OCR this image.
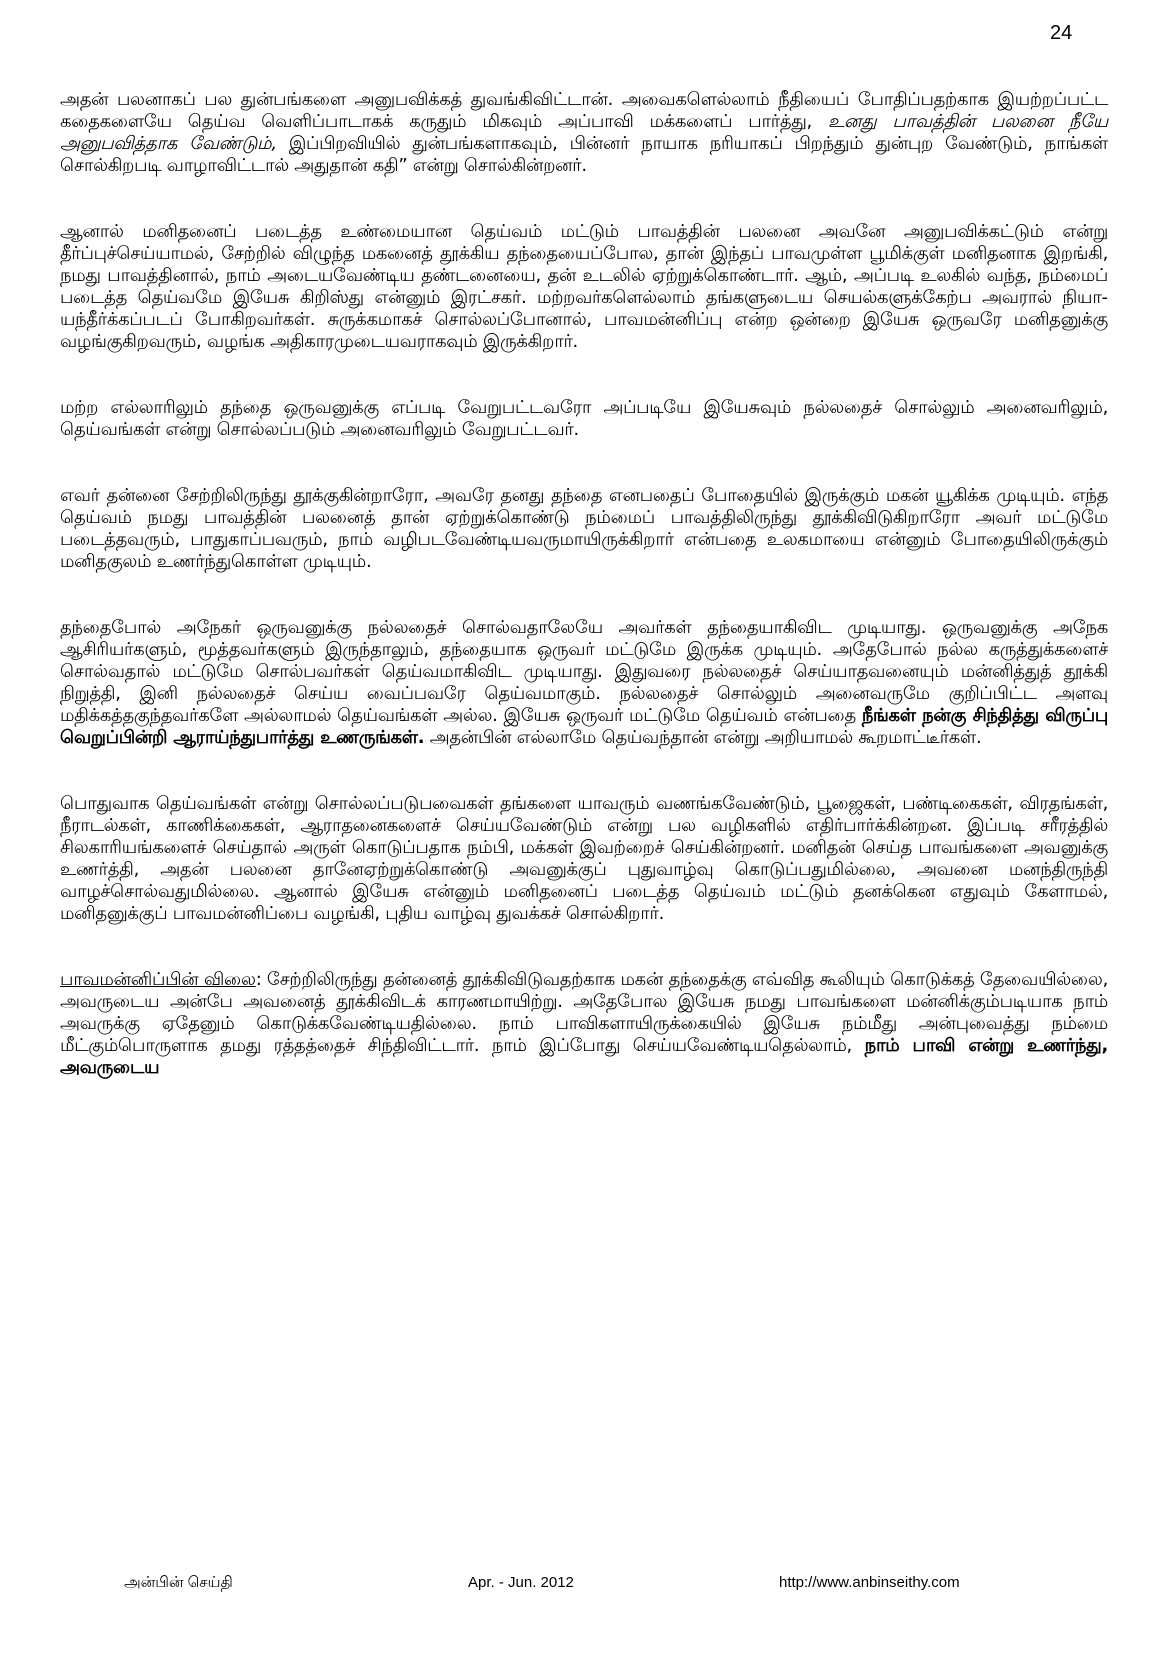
24

அதன் பலனாகப் பல துன்பங்களை அனுபவிக்கத் துவங்கிவிட்டான். அவைகளெல்லாம் நீதியைப் போதிப்பதற்காக இயற்றப்பட்ட கதைகளையே தெய்வ வெளிப்பாடாகக் கருதும் மிகவும் அப்பாவி மக்களைப் பார்த்து, உனது பாவத்தின் பலனை நீயே அனுபவித்தாக வேண்டும், இப்பிறவியில் துன்பங்களாகவும், பின்னர் நாயாக நரியாகப் பிறந்தும் துன்புற வேண்டும், நாங்கள் சொல்கிறபடி வாழாவிட்டால் அதுதான் கதி” என்று சொல்கின்றனர்.

ஆனால் மனிதனைப் படைத்த உண்மையான தெய்வம் மட்டும் பாவத்தின் பலனை அவனே அனுபவிக்கட்டும் என்று தீர்ப்புச்செய்யாமல், சேற்றில் விழுந்த மகனைத் தூக்கிய தந்தையைப்போல, தான் இந்தப் பாவமுள்ள பூமிக்குள் மனிதனாக இறங்கி, நமது பாவத்தினால், நாம் அடையவேண்டிய தண்டனையை, தன் உடலில் ஏற்றுக்கொண்டார். ஆம், அப்படி உலகில் வந்த, நம்மைப் படைத்த தெய்வமே இயேசு கிறிஸ்து என்னும் இரட்சகர். மற்றவர்களெல்லாம் தங்களுடைய செயல்களுக்கேற்ப அவரால் நியாயந்தீர்க்கப்படப் போகிறவர்கள். சுருக்கமாகச் சொல்லப்போனால், பாவமன்னிப்பு என்ற ஒன்றை இயேசு ஒருவரே மனிதனுக்கு வழங்குகிறவரும், வழங்க அதிகாரமுடையவராகவும் இருக்கிறார்.

மற்ற எல்லாரிலும் தந்தை ஒருவனுக்கு எப்படி வேறுபட்டவரோ அப்படியே இயேசுவும் நல்லதைச் சொல்லும் அனைவரிலும், தெய்வங்கள் என்று சொல்லப்படும் அனைவரிலும் வேறுபட்டவர்.

எவர் தன்னை சேற்றிலிருந்து தூக்குகின்றாரோ, அவரே தனது தந்தை எனபதைப் போதையில் இருக்கும் மகன் யூகிக்க முடியும். எந்த தெய்வம் நமது பாவத்தின் பலனைத் தான் ஏற்றுக்கொண்டு நம்மைப் பாவத்திலிருந்து தூக்கிவிடுகிறாரோ அவர் மட்டுமே படைத்தவரும், பாதுகாப்பவரும், நாம் வழிபடவேண்டியவருமாயிருக்கிறார் என்பதை உலகமாயை என்னும் போதையிலிருக்கும் மனிதகுலம் உணர்ந்துகொள்ள முடியும்.

தந்தைபோல் அநேகர் ஒருவனுக்கு நல்லதைச் சொல்வதாலேயே அவர்கள் தந்தையாகிவிட முடியாது. ஒருவனுக்கு அநேக ஆசிரியர்களும், மூத்தவர்களும் இருந்தாலும், தந்தையாக ஒருவர் மட்டுமே இருக்க முடியும். அதேபோல் நல்ல கருத்துக்களைச் சொல்வதால் மட்டுமே சொல்பவர்கள் தெய்வமாகிவிட முடியாது. இதுவரை நல்லதைச் செய்யாதவனையும் மன்னித்துத் தூக்கி நிறுத்தி, இனி நல்லதைச் செய்ய வைப்பவரே தெய்வமாகும். நல்லதைச் சொல்லும் அனைவருமே குறிப்பிட்ட அளவு மதிக்கத்தகுந்தவர்களே அல்லாமல் தெய்வங்கள் அல்ல. இயேசு ஒருவர் மட்டுமே தெய்வம் என்பதை நீங்கள் நன்கு சிந்தித்து விருப்பு வெறுப்பின்றி ஆராய்ந்துபார்த்து உணருங்கள். அதன்பின் எல்லாமே தெய்வந்தான் என்று அறியாமல் கூறமாட்டீர்கள்.

பொதுவாக தெய்வங்கள் என்று சொல்லப்படுபவைகள் தங்களை யாவரும் வணங்கவேண்டும், பூஜைகள், பண்டிகைகள், விரதங்கள், நீராடல்கள், காணிக்கைகள், ஆராதனைகளைச் செய்யவேண்டும் என்று பல வழிகளில் எதிர்பார்க்கின்றன. இப்படி சரீரத்தில் சிலகாரியங்களைச் செய்தால் அருள் கொடுப்பதாக நம்பி, மக்கள் இவற்றைச் செய்கின்றனர். மனிதன் செய்த பாவங்களை அவனுக்கு உணர்த்தி, அதன் பலனை தானேஏற்றுக்கொண்டு அவனுக்குப் புதுவாழ்வு கொடுப்பதுமில்லை, அவனை மனந்திருந்தி வாழச்சொல்வதுமில்லை. ஆனால் இயேசு என்னும் மனிதனைப் படைத்த தெய்வம் மட்டும் தனக்கென எதுவும் கேளாமல், மனிதனுக்குப் பாவமன்னிப்பை வழங்கி, புதிய வாழ்வு துவக்கச் சொல்கிறார்.

பாவமன்னிப்பின் விலை: சேற்றிலிருந்து தன்னைத் தூக்கிவிடுவதற்காக மகன் தந்தைக்கு எவ்வித கூலியும் கொடுக்கத் தேவையில்லை, அவருடைய அன்பே அவனைத் தூக்கிவிடக் காரணமாயிற்று. அதேபோல இயேசு நமது பாவங்களை மன்னிக்கும்படியாக நாம் அவருக்கு ஏதேனும் கொடுக்கவேண்டியதில்லை. நாம் பாவிகளாயிருக்கையில் இயேசு நம்மீது அன்புவைத்து நம்மை மீட்கும்பொருளாக தமது ரத்தத்தைச் சிந்திவிட்டார். நாம் இப்போது செய்யவேண்டியதெல்லாம், நாம் பாவி என்று உணர்ந்து, அவருடைய

அன்பின் செய்தி	Apr. - Jun. 2012	http://www.anbinseithy.com
